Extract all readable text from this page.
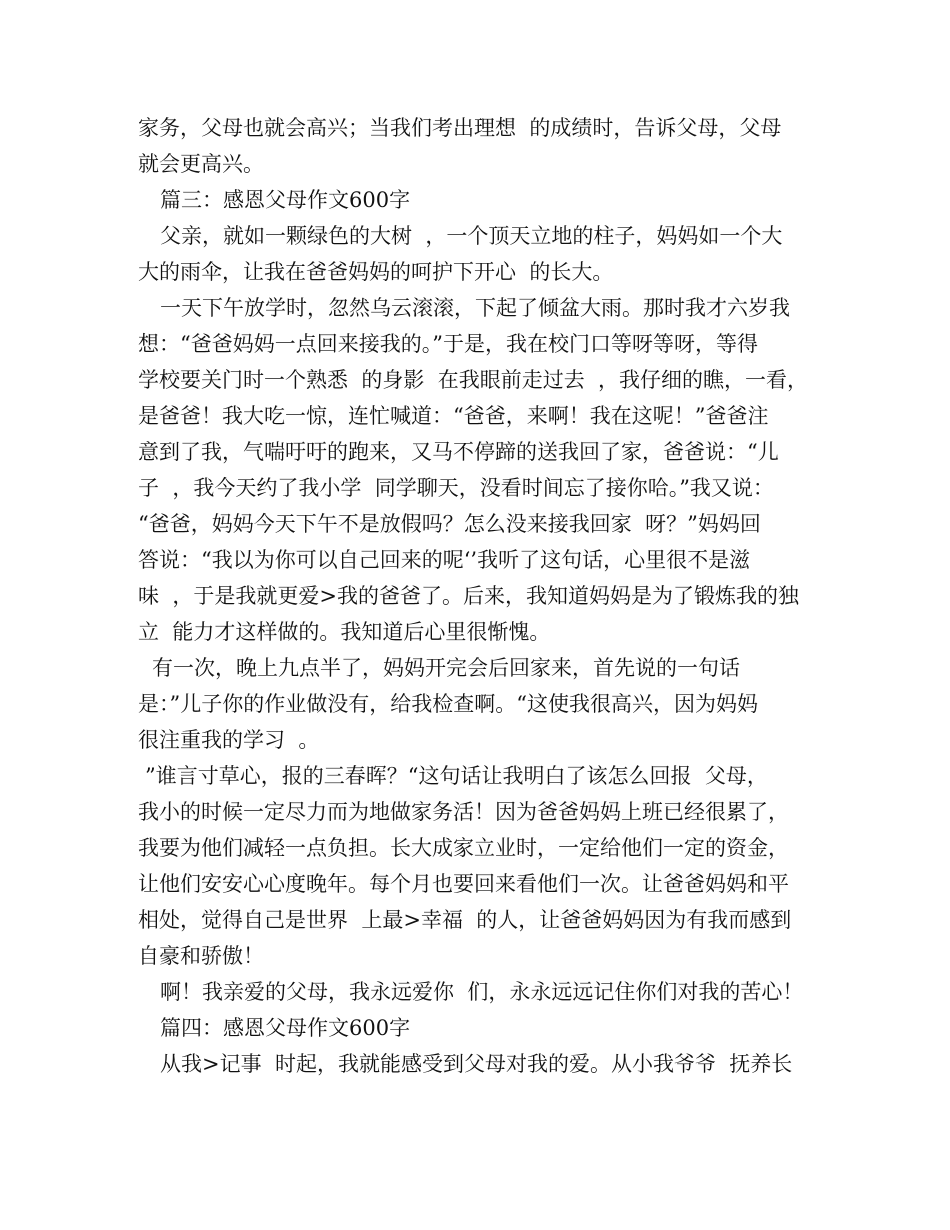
家务，父母也就会高兴；当我们考出理想  的成绩时，告诉父母，父母
就会更高兴。
篇三：感恩父母作文600字
父亲，就如一颗绿色的大树  ，一个顶天立地的柱子，妈妈如一个大
大的雨伞，让我在爸爸妈妈的呵护下开心  的长大。
一天下午放学时，忽然乌云滚滚，下起了倾盆大雨。那时我才六岁我
想：“爸爸妈妈一点回来接我的。”于是，我在校门口等呀等呀，等得
学校要关门时一个熟悉  的身影  在我眼前走过去  ，我仔细的瞧，一看，
是爸爸！我大吃一惊，连忙喊道：“爸爸，来啊！我在这呢！”爸爸注
意到了我，气喘吁吁的跑来，又马不停蹄的送我回了家，爸爸说：“儿
子  ，我今天约了我小学  同学聊天，没看时间忘了接你哈。”我又说：
“爸爸，妈妈今天下午不是放假吗？怎么没来接我回家  呀？”妈妈回
答说：“我以为你可以自己回来的呢‘’我听了这句话，心里很不是滋
味  ，于是我就更爱>我的爸爸了。后来，我知道妈妈是为了锻炼我的独
立  能力才这样做的。我知道后心里很惭愧。
有一次，晚上九点半了，妈妈开完会后回家来，首先说的一句话
是：”儿子你的作业做没有，给我检查啊。“这使我很高兴，因为妈妈
很注重我的学习  。
”谁言寸草心，报的三春晖？“这句话让我明白了该怎么回报  父母，
我小的时候一定尽力而为地做家务活！因为爸爸妈妈上班已经很累了，
我要为他们减轻一点负担。长大成家立业时，一定给他们一定的资金，
让他们安安心心度晚年。每个月也要回来看他们一次。让爸爸妈妈和平
相处，觉得自己是世界  上最>幸福  的人，让爸爸妈妈因为有我而感到
自豪和骄傲！
啊！我亲爱的父母，我永远爱你  们，永永远远记住你们对我的苦心！
篇四：感恩父母作文600字
从我>记事  时起，我就能感受到父母对我的爱。从小我爷爷  抚养长
